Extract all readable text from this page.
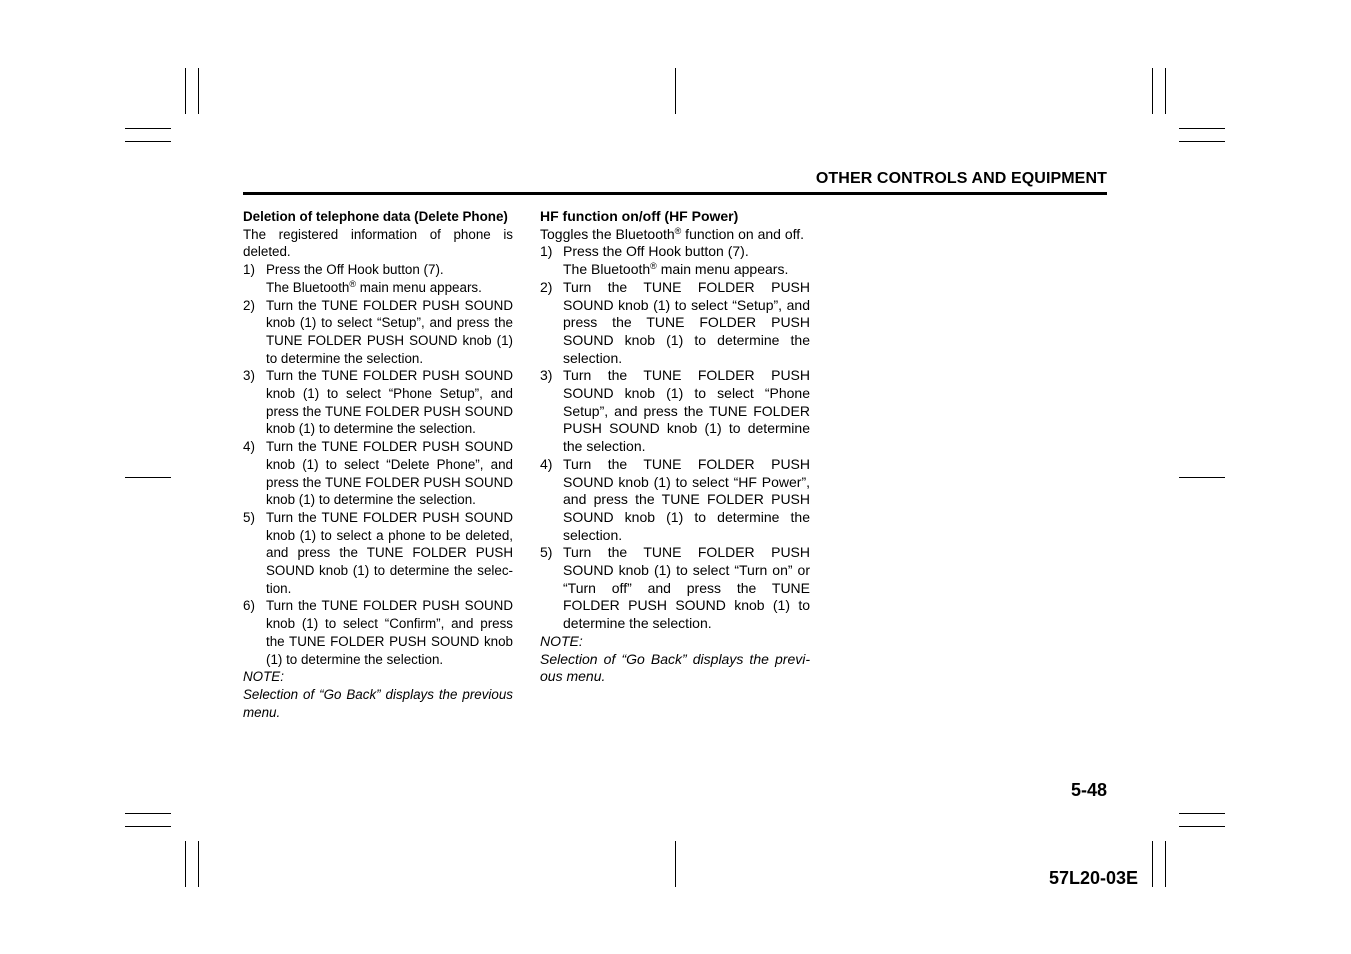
OTHER CONTROLS AND EQUIPMENT

Deletion of telephone data (Delete Phone)

The registered information of phone is deleted.

1) Press the Off Hook button (7).
The Bluetooth® main menu appears.
2) Turn the TUNE FOLDER PUSH SOUND knob (1) to select “Setup”, and press the TUNE FOLDER PUSH SOUND knob (1) to determine the selection.
3) Turn the TUNE FOLDER PUSH SOUND knob (1) to select “Phone Setup”, and press the TUNE FOLDER PUSH SOUND knob (1) to determine the selection.
4) Turn the TUNE FOLDER PUSH SOUND knob (1) to select “Delete Phone”, and press the TUNE FOLDER PUSH SOUND knob (1) to determine the selection.
5) Turn the TUNE FOLDER PUSH SOUND knob (1) to select a phone to be deleted, and press the TUNE FOLDER PUSH SOUND knob (1) to determine the selec-tion.
6) Turn the TUNE FOLDER PUSH SOUND knob (1) to select “Confirm”, and press the TUNE FOLDER PUSH SOUND knob (1) to determine the selection.

NOTE:

Selection of “Go Back” displays the previous menu.

HF function on/off (HF Power)

Toggles the Bluetooth® function on and off.

1) Press the Off Hook button (7).
The Bluetooth® main menu appears.
2) Turn the TUNE FOLDER PUSH SOUND knob (1) to select “Setup”, and press the TUNE FOLDER PUSH SOUND knob (1) to determine the selection.
3) Turn the TUNE FOLDER PUSH SOUND knob (1) to select “Phone Setup”, and press the TUNE FOLDER PUSH SOUND knob (1) to determine the selection.
4) Turn the TUNE FOLDER PUSH SOUND knob (1) to select “HF Power”, and press the TUNE FOLDER PUSH SOUND knob (1) to determine the selection.
5) Turn the TUNE FOLDER PUSH SOUND knob (1) to select “Turn on” or “Turn off” and press the TUNE FOLDER PUSH SOUND knob (1) to determine the selection.

NOTE:

Selection of “Go Back” displays the previ-ous menu.

5-48
57L20-03E
